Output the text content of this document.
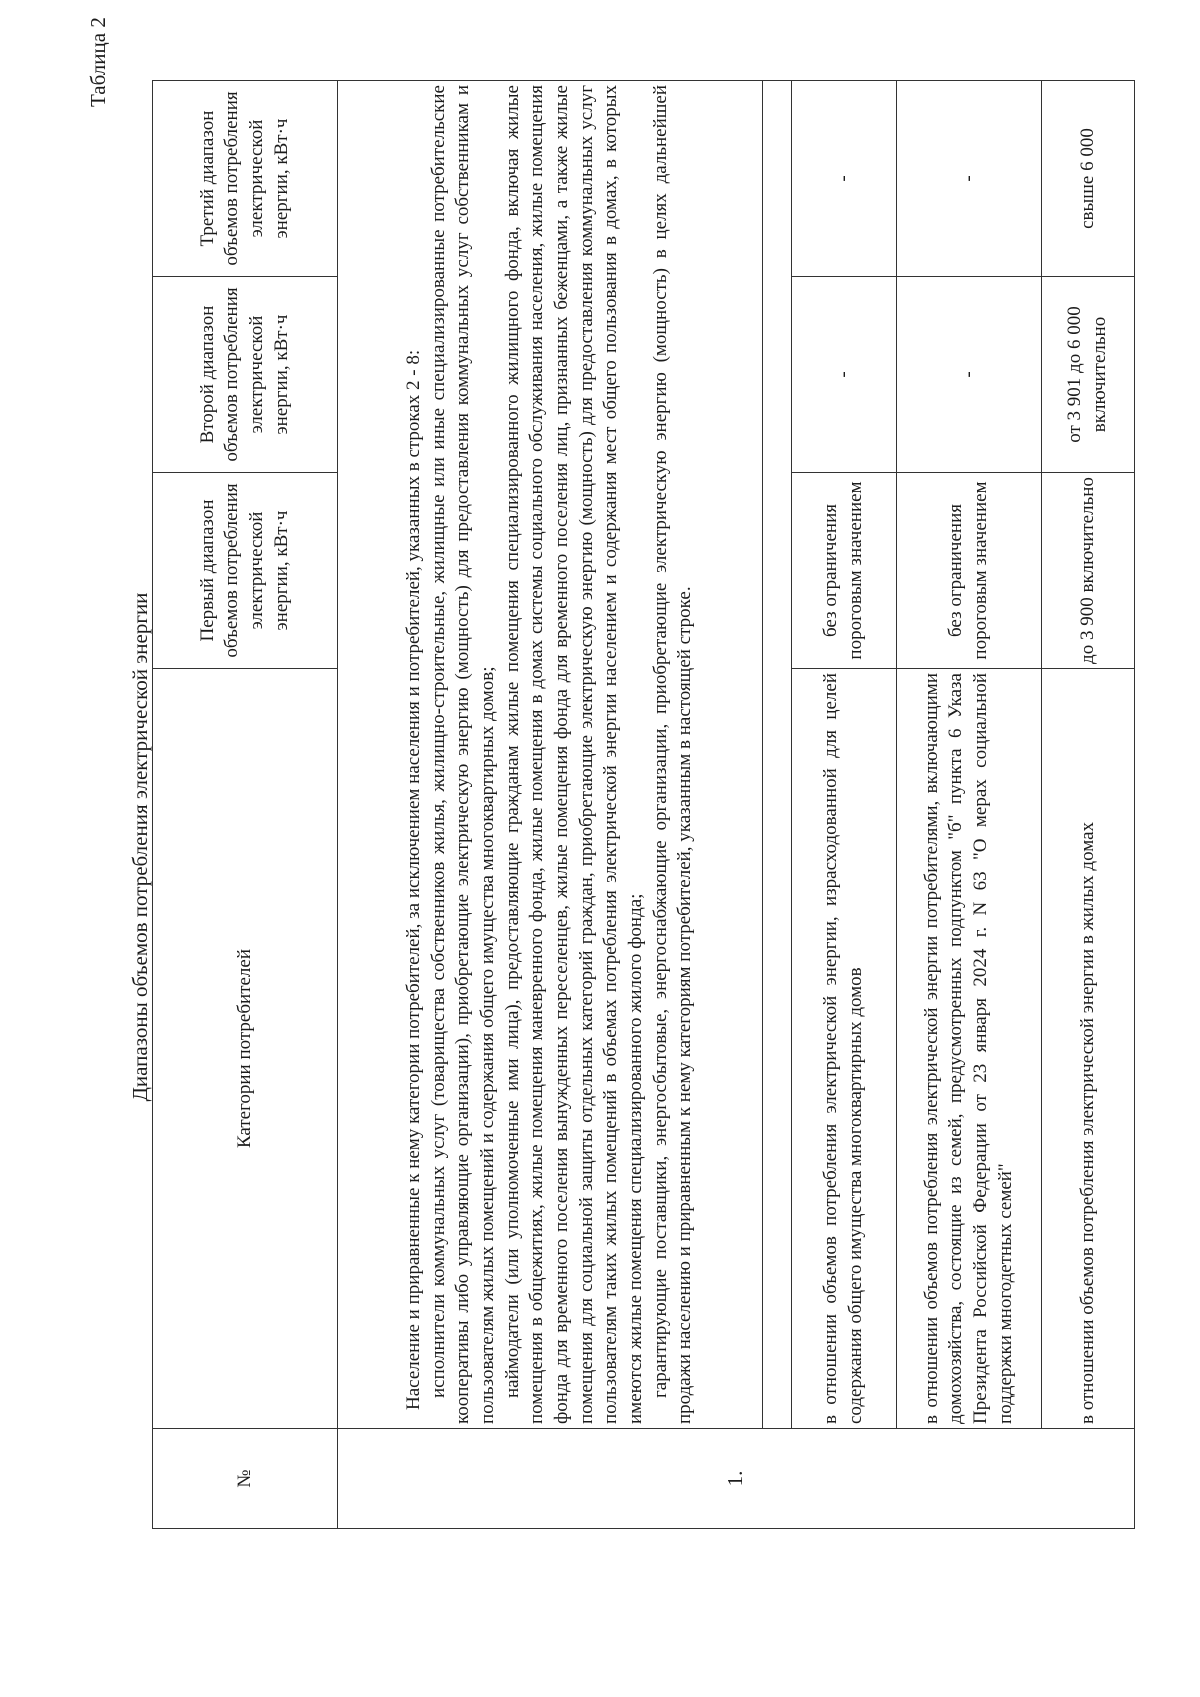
Таблица 2
Диапазоны объемов потребления электрической энергии
№	Категории потребителей	Первый диапазон объемов потребления электрической энергии, кВт·ч	Второй диапазон объемов потребления электрической энергии, кВт·ч	Третий диапазон объемов потребления электрической энергии, кВт·ч
1.	Население и приравненные к нему категории потребителей, за исключением населения и потребителей, указанных в строках 2 - 8: исполнители коммунальных услуг (товарищества собственников жилья, жилищно-строительные, жилищные или иные специализированные потребительские кооперативы либо управляющие организации), приобретающие электрическую энергию (мощность) для предоставления коммунальных услуг собственникам и пользователям жилых помещений и содержания общего имущества многоквартирных домов; наймодатели (или уполномоченные ими лица), предоставляющие гражданам жилые помещения специализированного жилищного фонда, включая жилые помещения в общежитиях, жилые помещения маневренного фонда, жилые помещения в домах системы социального обслуживания населения, жилые помещения фонда для временного поселения вынужденных переселенцев, жилые помещения фонда для временного поселения лиц, признанных беженцами, а также жилые помещения для социальной защиты отдельных категорий граждан, приобретающие электрическую энергию (мощность) для предоставления коммунальных услуг пользователям таких жилых помещений в объемах потребления электрической энергии населением и содержания мест общего пользования в домах, в которых имеются жилые помещения специализированного жилого фонда; гарантирующие поставщики, энергосбытовые, энергоснабжающие организации, приобретающие электрическую энергию (мощность) в целях дальнейшей продажи населению и приравненным к нему категориям потребителей, указанным в настоящей строке.			

	в отношении объемов потребления электрической энергии, израсходованной для целей содержания общего имущества многоквартирных домов	без ограничения пороговым значением	-	-
	в отношении объемов потребления электрической энергии потребителями, включающими домохозяйства, состоящие из семей, предусмотренных подпунктом "б" пункта 6 Указа Президента Российской Федерации от 23 января 2024 г. N 63 "О мерах социальной поддержки многодетных семей"	без ограничения пороговым значением	-	-
	в отношении объемов потребления электрической энергии в жилых домах	до 3 900 включительно	от 3 901 до 6 000 включительно	свыше 6 000
